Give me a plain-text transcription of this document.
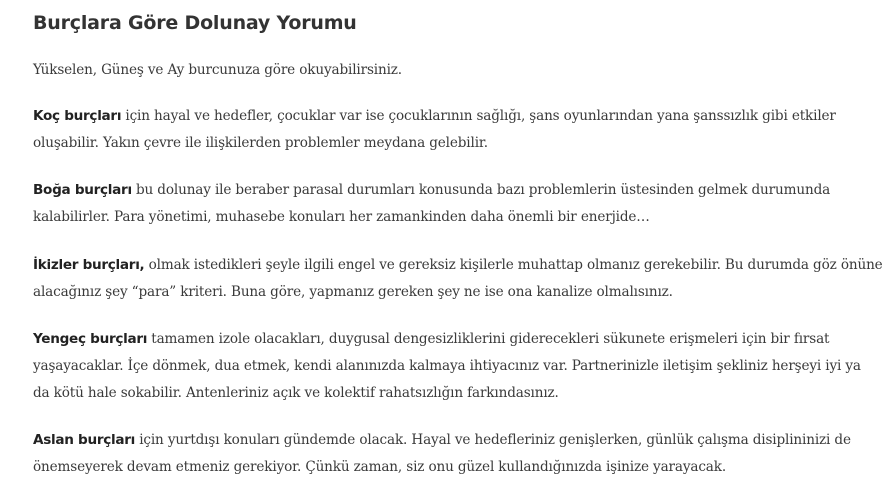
Burçlara Göre Dolunay Yorumu

Yükselen, Güneş ve Ay burcunuza göre okuyabilirsiniz.

Koç burçları için hayal ve hedefler, çocuklar var ise çocuklarının sağlığı, şans oyunlarından yana şanssızlık gibi etkiler
oluşabilir. Yakın çevre ile ilişkilerden problemler meydana gelebilir.

Boğa burçları bu dolunay ile beraber parasal durumları konusunda bazı problemlerin üstesinden gelmek durumunda
kalabilirler. Para yönetimi, muhasebe konuları her zamankinden daha önemli bir enerjide…

İkizler burçları, olmak istedikleri şeyle ilgili engel ve gereksiz kişilerle muhattap olmanız gerekebilir. Bu durumda göz önüne
alacağınız şey “para” kriteri. Buna göre, yapmanız gereken şey ne ise ona kanalize olmalısınız.

Yengeç burçları tamamen izole olacakları, duygusal dengesizliklerini giderecekleri sükunete erişmeleri için bir fırsat
yaşayacaklar. İçe dönmek, dua etmek, kendi alanınızda kalmaya ihtiyacınız var. Partnerinizle iletişim şekliniz herşeyi iyi ya
da kötü hale sokabilir. Antenleriniz açık ve kolektif rahatsızlığın farkındasınız.

Aslan burçları için yurtdışı konuları gündemde olacak. Hayal ve hedefleriniz genişlerken, günlük çalışma disiplininizi de
önemseyerek devam etmeniz gerekiyor. Çünkü zaman, siz onu güzel kullandığınızda işinize yarayacak.
